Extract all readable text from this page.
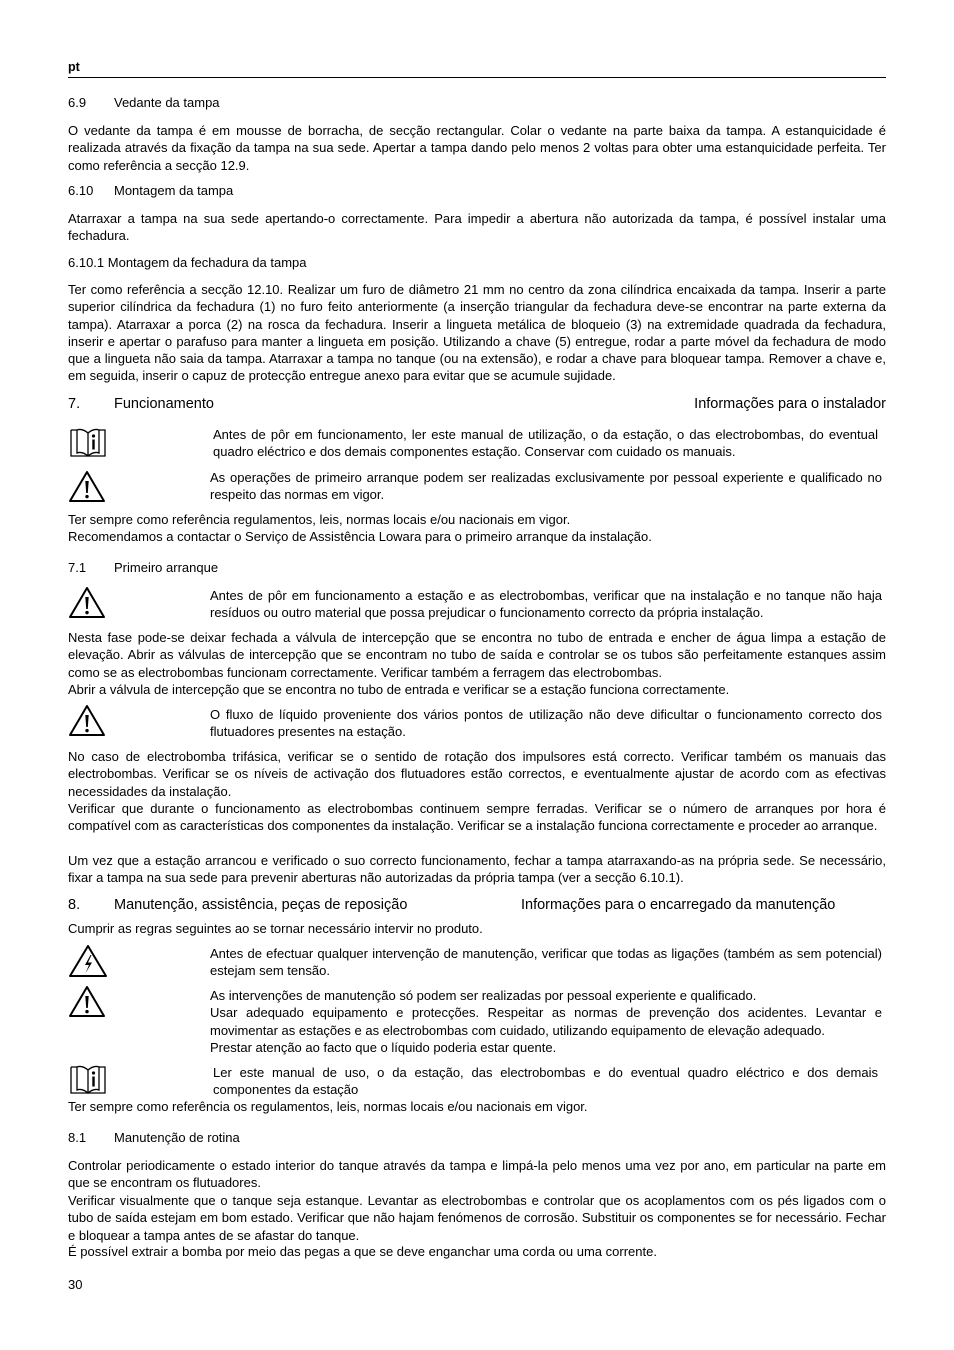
pt
6.9 Vedante da tampa
O vedante da tampa é em mousse de borracha, de secção rectangular. Colar o vedante na parte baixa da tampa. A estanquicidade é realizada através da fixação da tampa na sua sede. Apertar a tampa dando pelo menos 2 voltas para obter uma estanquicidade perfeita. Ter como referência a secção 12.9.
6.10 Montagem da tampa
Atarraxar a tampa na sua sede apertando-o correctamente. Para impedir a abertura não autorizada da tampa, é possível instalar uma fechadura.
6.10.1 Montagem da fechadura da tampa
Ter como referência a secção 12.10. Realizar um furo de diâmetro 21 mm no centro da zona cilíndrica encaixada da tampa. Inserir a parte superior cilíndrica da fechadura (1) no furo feito anteriormente (a inserção triangular da fechadura deve-se encontrar na parte externa da tampa). Atarraxar a porca (2) na rosca da fechadura. Inserir a lingueta metálica de bloqueio (3) na extremidade quadrada da fechadura, inserir e apertar o parafuso para manter a lingueta em posição. Utilizando a chave (5) entregue, rodar a parte móvel da fechadura de modo que a lingueta não saia da tampa. Atarraxar a tampa no tanque (ou na extensão), e rodar a chave para bloquear tampa. Remover a chave e, em seguida, inserir o capuz de protecção entregue anexo para evitar que se acumule sujidade.
7. Funcionamento	Informações para o instalador
Antes de pôr em funcionamento, ler este manual de utilização, o da estação, o das electrobombas, do eventual quadro eléctrico e dos demais componentes estação. Conservar com cuidado os manuais.
As operações de primeiro arranque podem ser realizadas exclusivamente por pessoal experiente e qualificado no respeito das normas em vigor.
Ter sempre como referência regulamentos, leis, normas locais e/ou nacionais em vigor.
Recomendamos a contactar o Serviço de Assistência Lowara para o primeiro arranque da instalação.
7.1 Primeiro arranque
Antes de pôr em funcionamento a estação e as electrobombas, verificar que na instalação e no tanque não haja resíduos ou outro material que possa prejudicar o funcionamento correcto da própria instalação.
Nesta fase pode-se deixar fechada a válvula de intercepção que se encontra no tubo de entrada e encher de água limpa a estação de elevação. Abrir as válvulas de intercepção que se encontram no tubo de saída e controlar se os tubos são perfeitamente estanques assim como se as electrobombas funcionam correctamente. Verificar também a ferragem das electrobombas.
Abrir a válvula de intercepção que se encontra no tubo de entrada e verificar se a estação funciona correctamente.
O fluxo de líquido proveniente dos vários pontos de utilização não deve dificultar o funcionamento correcto dos flutuadores presentes na estação.
No caso de electrobomba trifásica, verificar se o sentido de rotação dos impulsores está correcto. Verificar também os manuais das electrobombas. Verificar se os níveis de activação dos flutuadores estão correctos, e eventualmente ajustar de acordo com as efectivas necessidades da instalação.
Verificar que durante o funcionamento as electrobombas continuem sempre ferradas. Verificar se o número de arranques por hora é compatível com as características dos componentes da instalação. Verificar se a instalação funciona correctamente e proceder ao arranque.
Um vez que a estação arrancou e verificado o suo correcto funcionamento, fechar a tampa atarraxando-as na própria sede. Se necessário, fixar a tampa na sua sede para prevenir aberturas não autorizadas da própria tampa (ver a secção 6.10.1).
8. Manutenção, assistência, peças de reposição	Informações para o encarregado da manutenção
Cumprir as regras seguintes ao se tornar necessário intervir no produto.
Antes de efectuar qualquer intervenção de manutenção, verificar que todas as ligações (também as sem potencial) estejam sem tensão.
As intervenções de manutenção só podem ser realizadas por pessoal experiente e qualificado.
Usar adequado equipamento e protecções. Respeitar as normas de prevenção dos acidentes. Levantar e movimentar as estações e as electrobombas com cuidado, utilizando equipamento de elevação adequado.
Prestar atenção ao facto que o líquido poderia estar quente.
Ler este manual de uso, o da estação, das electrobombas e do eventual quadro eléctrico e dos demais componentes da estação
Ter sempre como referência os regulamentos, leis, normas locais e/ou nacionais em vigor.
8.1 Manutenção de rotina
Controlar periodicamente o estado interior do tanque através da tampa e limpá-la pelo menos uma vez por ano, em particular na parte em que se encontram os flutuadores.
Verificar visualmente que o tanque seja estanque. Levantar as electrobombas e controlar que os acoplamentos com os pés ligados com o tubo de saída estejam em bom estado. Verificar que não hajam fenómenos de corrosão. Substituir os componentes se for necessário. Fechar e bloquear a tampa antes de se afastar do tanque.
É possível extrair a bomba por meio das pegas a que se deve enganchar uma corda ou uma corrente.
30
